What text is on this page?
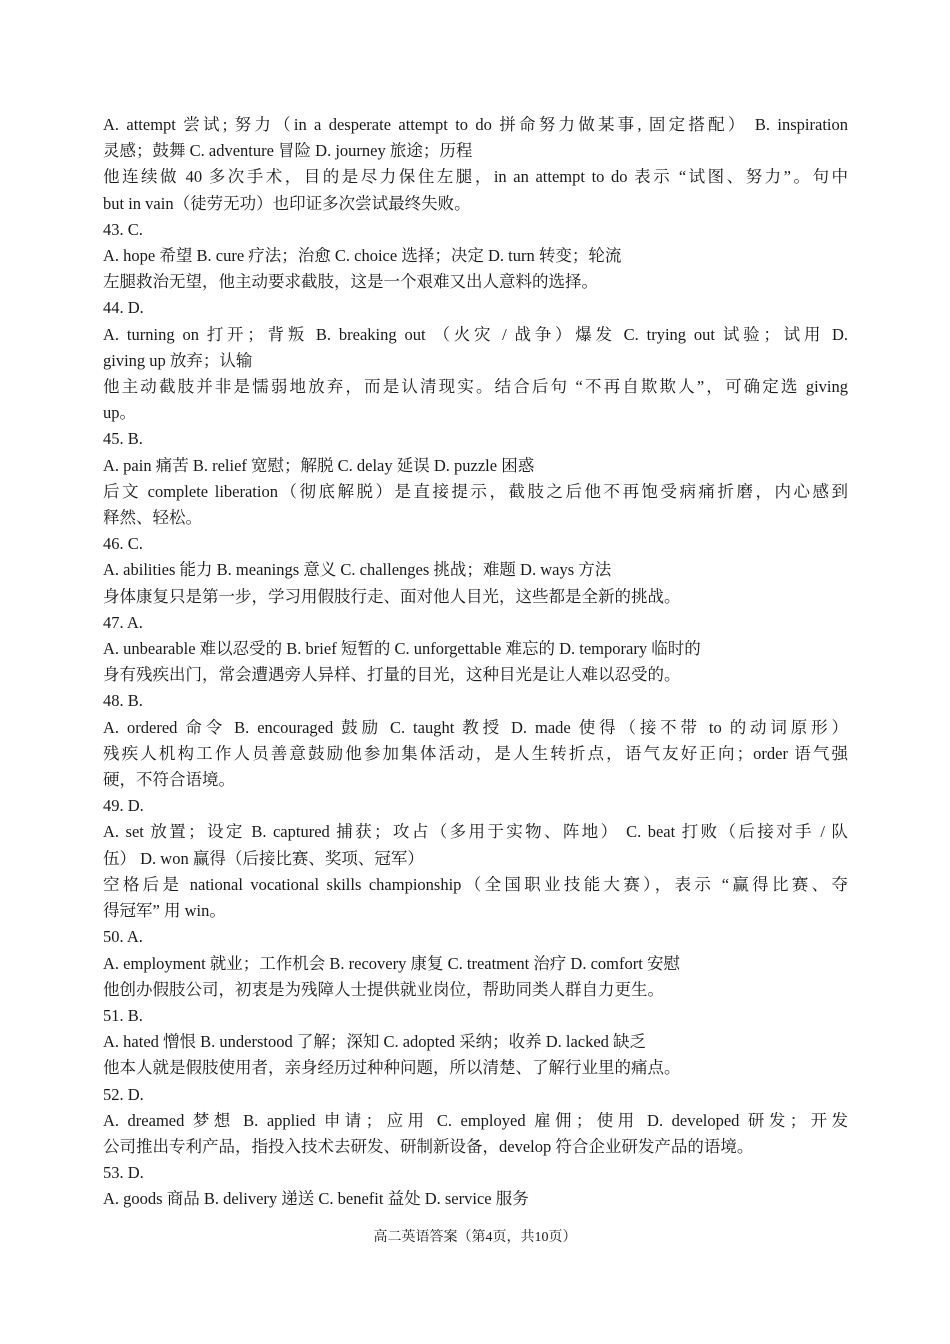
A. attempt 尝试; 努力（in a desperate attempt to do 拼命努力做某事, 固定搭配） B. inspiration

灵感；鼓舞 C. adventure 冒险 D. journey 旅途；历程

他连续做 40 多次手术，目的是尽力保住左腿，in an attempt to do 表示 “试图、努力”。句中

but in vain（徒劳无功）也印证多次尝试最终失败。

43. C.

A. hope 希望 B. cure 疗法；治愈 C. choice 选择；决定 D. turn 转变；轮流

左腿救治无望，他主动要求截肢，这是一个艰难又出人意料的选择。

44. D.

A. turning on 打开；背叛 B. breaking out （火灾 / 战争）爆发 C. trying out 试验；试用 D.

giving up 放弃；认输

他主动截肢并非是懦弱地放弃，而是认清现实。结合后句 “不再自欺欺人”，可确定选 giving

up。

45. B.

A. pain 痛苦 B. relief 宽慰；解脱 C. delay 延误 D. puzzle 困惑

后文 complete liberation（彻底解脱）是直接提示，截肢之后他不再饱受病痛折磨，内心感到

释然、轻松。

46. C.

A. abilities 能力 B. meanings 意义 C. challenges 挑战；难题 D. ways 方法

身体康复只是第一步，学习用假肢行走、面对他人目光，这些都是全新的挑战。

47. A.

A. unbearable 难以忍受的 B. brief 短暂的 C. unforgettable 难忘的 D. temporary 临时的

身有残疾出门，常会遭遇旁人异样、打量的目光，这种目光是让人难以忍受的。

48. B.

A. ordered 命令 B. encouraged 鼓励 C. taught 教授 D. made 使得（接不带 to 的动词原形）

残疾人机构工作人员善意鼓励他参加集体活动，是人生转折点，语气友好正向；order 语气强

硬，不符合语境。

49. D.

A. set 放置；设定 B. captured 捕获；攻占（多用于实物、阵地） C. beat 打败（后接对手 / 队

伍） D. won 赢得（后接比赛、奖项、冠军）

空格后是 national vocational skills championship（全国职业技能大赛），表示 “赢得比赛、夺

得冠军” 用 win。

50. A.

A. employment 就业；工作机会 B. recovery 康复 C. treatment 治疗 D. comfort 安慰

他创办假肢公司，初衷是为残障人士提供就业岗位，帮助同类人群自力更生。

51. B.

A. hated 憎恨 B. understood 了解；深知 C. adopted 采纳；收养 D. lacked 缺乏

他本人就是假肢使用者，亲身经历过种种问题，所以清楚、了解行业里的痛点。

52. D.

A. dreamed 梦想 B. applied 申请；应用 C. employed 雇佣；使用 D. developed 研发；开发

公司推出专利产品，指投入技术去研发、研制新设备，develop 符合企业研发产品的语境。

53. D.

A. goods 商品 B. delivery 递送 C. benefit 益处 D. service 服务

高二英语答案（第4页，共10页）
